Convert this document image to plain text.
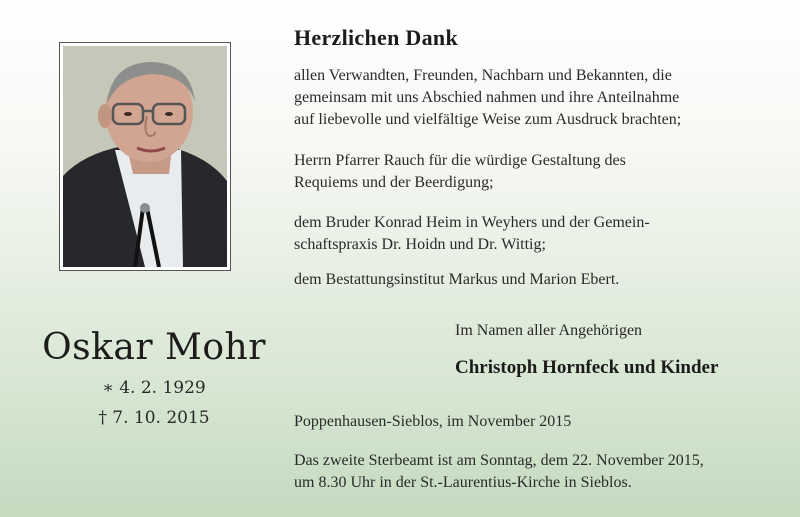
Oskar Mohr
∗ 4. 2. 1929
† 7. 10. 2015
Herzlichen Dank
allen Verwandten, Freunden, Nachbarn und Bekannten, die
gemeinsam mit uns Abschied nahmen und ihre Anteilnahme
auf liebevolle und vielfältige Weise zum Ausdruck brachten;
Herrn Pfarrer Rauch für die würdige Gestaltung des
Requiems und der Beerdigung;
dem Bruder Konrad Heim in Weyhers und der Gemein-
schaftspraxis Dr. Hoidn und Dr. Wittig;
dem Bestattungsinstitut Markus und Marion Ebert.
Im Namen aller Angehörigen
Christoph Hornfeck und Kinder
Poppenhausen-Sieblos, im November 2015
Das zweite Sterbeamt ist am Sonntag, dem 22. November 2015,
um 8.30 Uhr in der St.-Laurentius-Kirche in Sieblos.
